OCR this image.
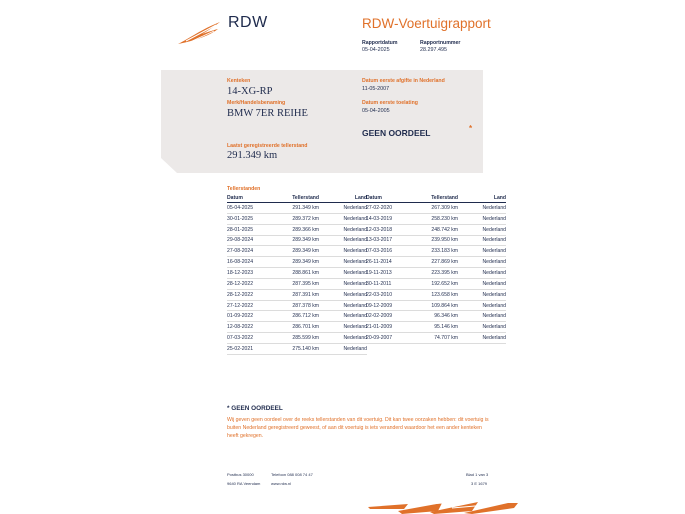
RDW	RDW-Voertuigrapport
Rapportdatum
05-04-2025
Rapportnummer
28.297.495
Kenteken
14-XG-RP
Merk/Handelsbenaming
BMW 7ER REIHE
Laatst geregistreerde tellerstand
291.349 km
Datum eerste afgifte in Nederland
11-05-2007
Datum eerste toelating
05-04-2005
GEEN OORDEEL	*
Tellerstanden
Datum	Tellerstand	Land
05-04-2025	291.349 km	Nederland
30-01-2025	289.372 km	Nederland
28-01-2025	289.366 km	Nederland
29-08-2024	289.349 km	Nederland
27-08-2024	289.349 km	Nederland
16-08-2024	289.349 km	Nederland
18-12-2023	288.861 km	Nederland
28-12-2022	287.395 km	Nederland
28-12-2022	287.391 km	Nederland
27-12-2022	287.378 km	Nederland
01-09-2022	286.712 km	Nederland
12-08-2022	286.701 km	Nederland
07-03-2022	285.599 km	Nederland
25-02-2021	275.140 km	Nederland
Datum	Tellerstand	Land
27-02-2020	267.309 km	Nederland
14-03-2019	258.230 km	Nederland
12-03-2018	248.742 km	Nederland
13-03-2017	239.950 km	Nederland
07-03-2016	233.183 km	Nederland
26-11-2014	227.869 km	Nederland
19-11-2013	223.395 km	Nederland
30-11-2011	192.652 km	Nederland
22-03-2010	123.658 km	Nederland
09-12-2009	109.864 km	Nederland
02-02-2009	96.346 km	Nederland
21-01-2009	95.146 km	Nederland
20-09-2007	74.707 km	Nederland
* GEEN OORDEEL
Wij geven geen oordeel over de reeks tellerstanden van dit voertuig. Dit kan twee oorzaken hebben: dit voertuig is buiten Nederland geregistreerd geweest, of aan dit voertuig is iets veranderd waardoor het een ander kenteken heeft gekregen.
Postbus 30000
9640 RA Veendam
Telefoon 088 008 74 47
www.rdw.nl
Blad 1 van 3
3 E 1679
